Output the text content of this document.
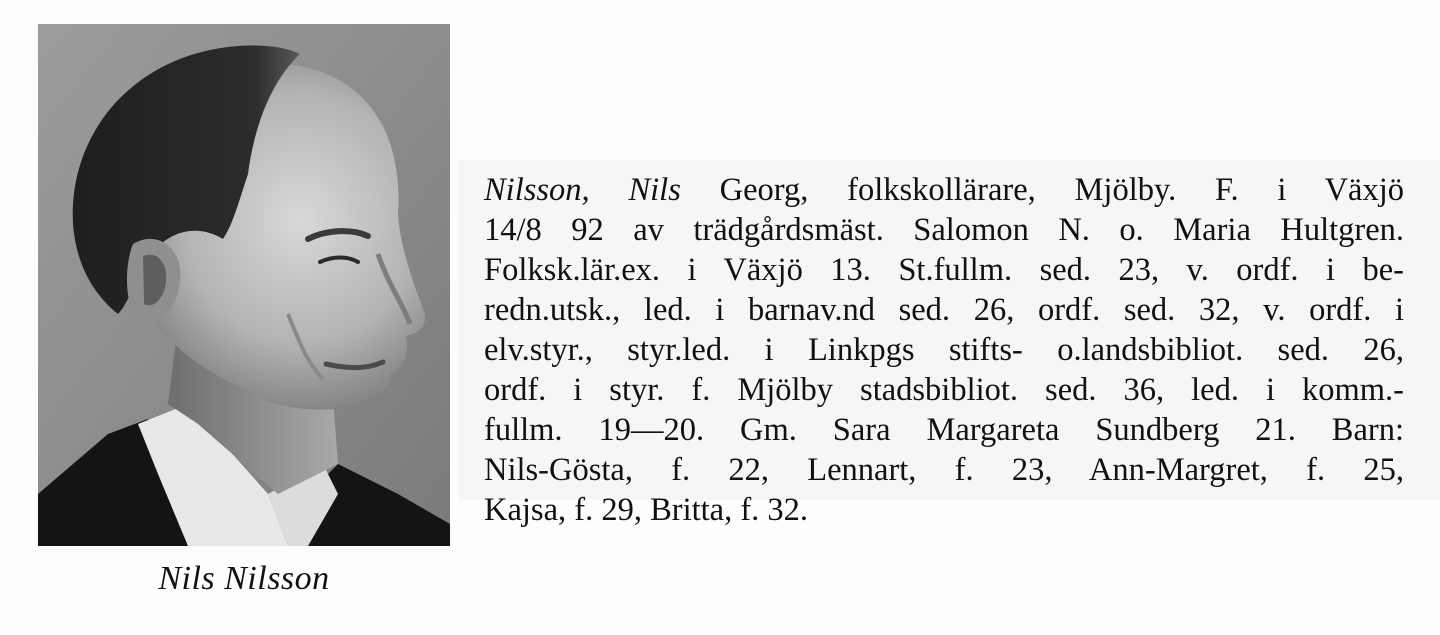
Nils Nilsson
Nilsson, Nils Georg, folkskollärare, Mjölby. F. i Växjö
14/8 92 av trädgårdsmäst. Salomon N. o. Maria Hultgren.
Folksk.lär.ex. i Växjö 13. St.fullm. sed. 23, v. ordf. i be-
redn.utsk., led. i barnav.nd sed. 26, ordf. sed. 32, v. ordf. i
elv.styr., styr.led. i Linkpgs stifts- o.landsbibliot. sed. 26,
ordf. i styr. f. Mjölby stadsbibliot. sed. 36, led. i komm.-
fullm. 19—20. Gm. Sara Margareta Sundberg 21. Barn:
Nils-Gösta, f. 22, Lennart, f. 23, Ann-Margret, f. 25,
Kajsa, f. 29, Britta, f. 32.
